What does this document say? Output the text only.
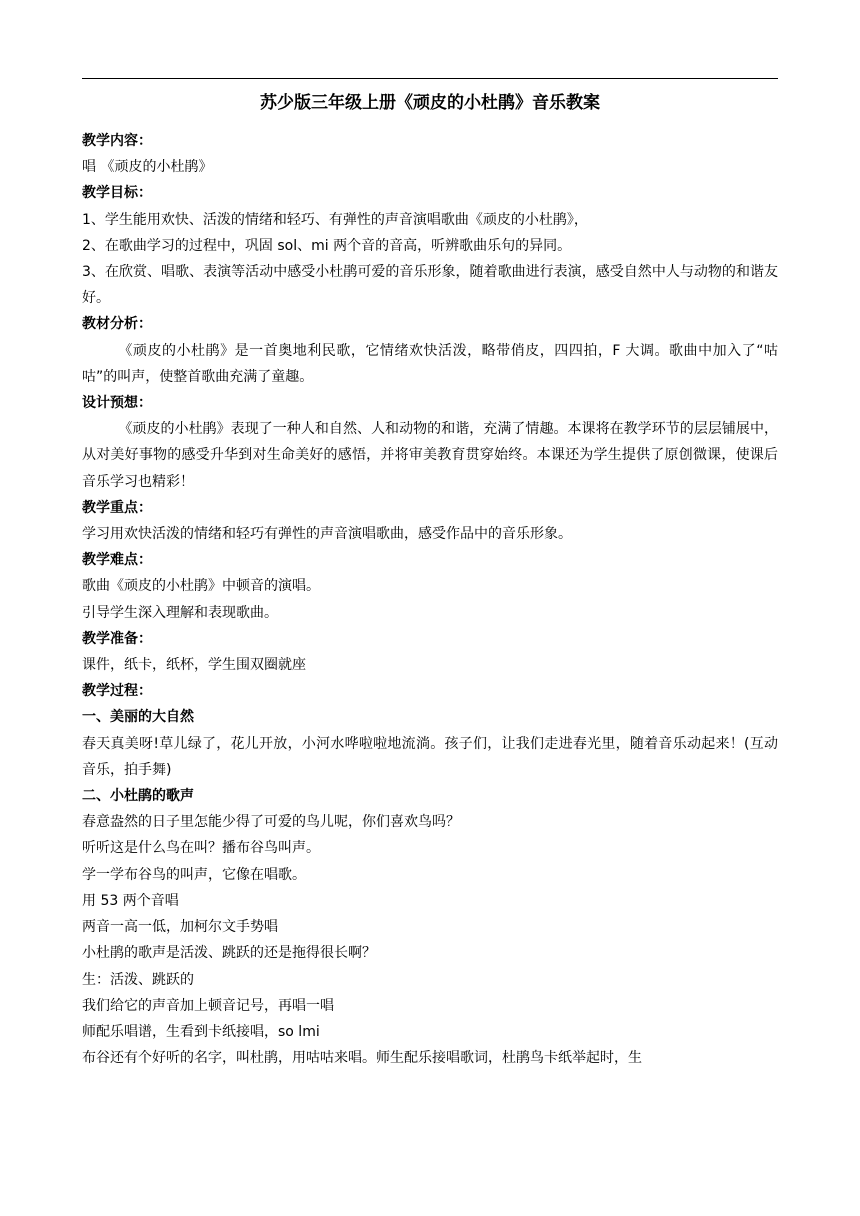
苏少版三年级上册《顽皮的小杜鹃》音乐教案

教学内容：

唱 《顽皮的小杜鹃》

教学目标：

1、学生能用欢快、活泼的情绪和轻巧、有弹性的声音演唱歌曲《顽皮的小杜鹃》，

2、在歌曲学习的过程中，巩固 sol、mi 两个音的音高，听辨歌曲乐句的异同。

3、在欣赏、唱歌、表演等活动中感受小杜鹃可爱的音乐形象，随着歌曲进行表演，感受自然中人与动物的和谐友好。

教材分析：

《顽皮的小杜鹃》是一首奥地利民歌，它情绪欢快活泼，略带俏皮，四四拍，F 大调。歌曲中加入了“咕咕”的叫声，使整首歌曲充满了童趣。

设计预想：

《顽皮的小杜鹃》表现了一种人和自然、人和动物的和谐，充满了情趣。本课将在教学环节的层层铺展中，从对美好事物的感受升华到对生命美好的感悟，并将审美教育贯穿始终。本课还为学生提供了原创微课，使课后音乐学习也精彩！

教学重点：

学习用欢快活泼的情绪和轻巧有弹性的声音演唱歌曲，感受作品中的音乐形象。

教学难点：

歌曲《顽皮的小杜鹃》中顿音的演唱。

引导学生深入理解和表现歌曲。

教学准备：

课件，纸卡，纸杯，学生围双圈就座

教学过程：

一、美丽的大自然

春天真美呀!草儿绿了，花儿开放，小河水哗啦啦地流淌。孩子们，让我们走进春光里，随着音乐动起来！(互动音乐，拍手舞)

二、小杜鹃的歌声

春意盎然的日子里怎能少得了可爱的鸟儿呢，你们喜欢鸟吗？

听听这是什么鸟在叫？播布谷鸟叫声。

学一学布谷鸟的叫声，它像在唱歌。

用 53 两个音唱

两音一高一低，加柯尔文手势唱

小杜鹃的歌声是活泼、跳跃的还是拖得很长啊？

生：活泼、跳跃的

我们给它的声音加上顿音记号，再唱一唱

师配乐唱谱，生看到卡纸接唱，so lmi

布谷还有个好听的名字，叫杜鹃，用咕咕来唱。师生配乐接唱歌词，杜鹃鸟卡纸举起时，生
